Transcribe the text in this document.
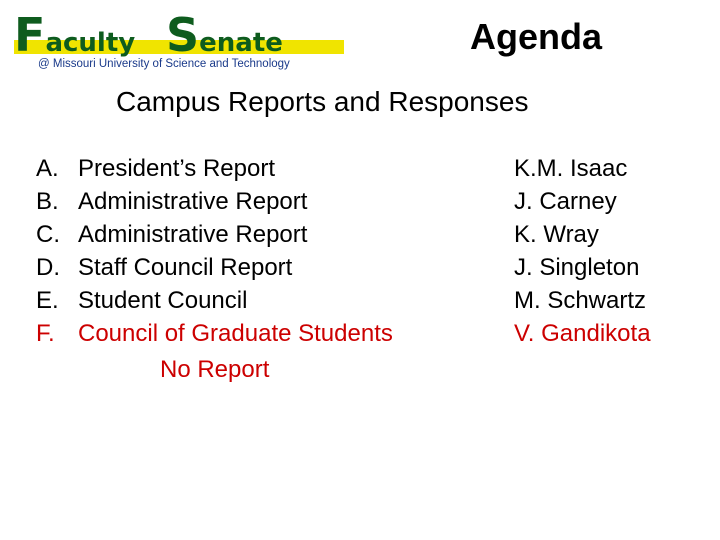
Faculty Senate
@ Missouri University of Science and Technology
Agenda
Campus Reports and Responses
A. President’s Report	K.M. Isaac
B. Administrative Report	J. Carney
C. Administrative Report	K. Wray
D. Staff Council Report	J. Singleton
E. Student Council	M. Schwartz
F. Council of Graduate Students	V. Gandikota
No Report
